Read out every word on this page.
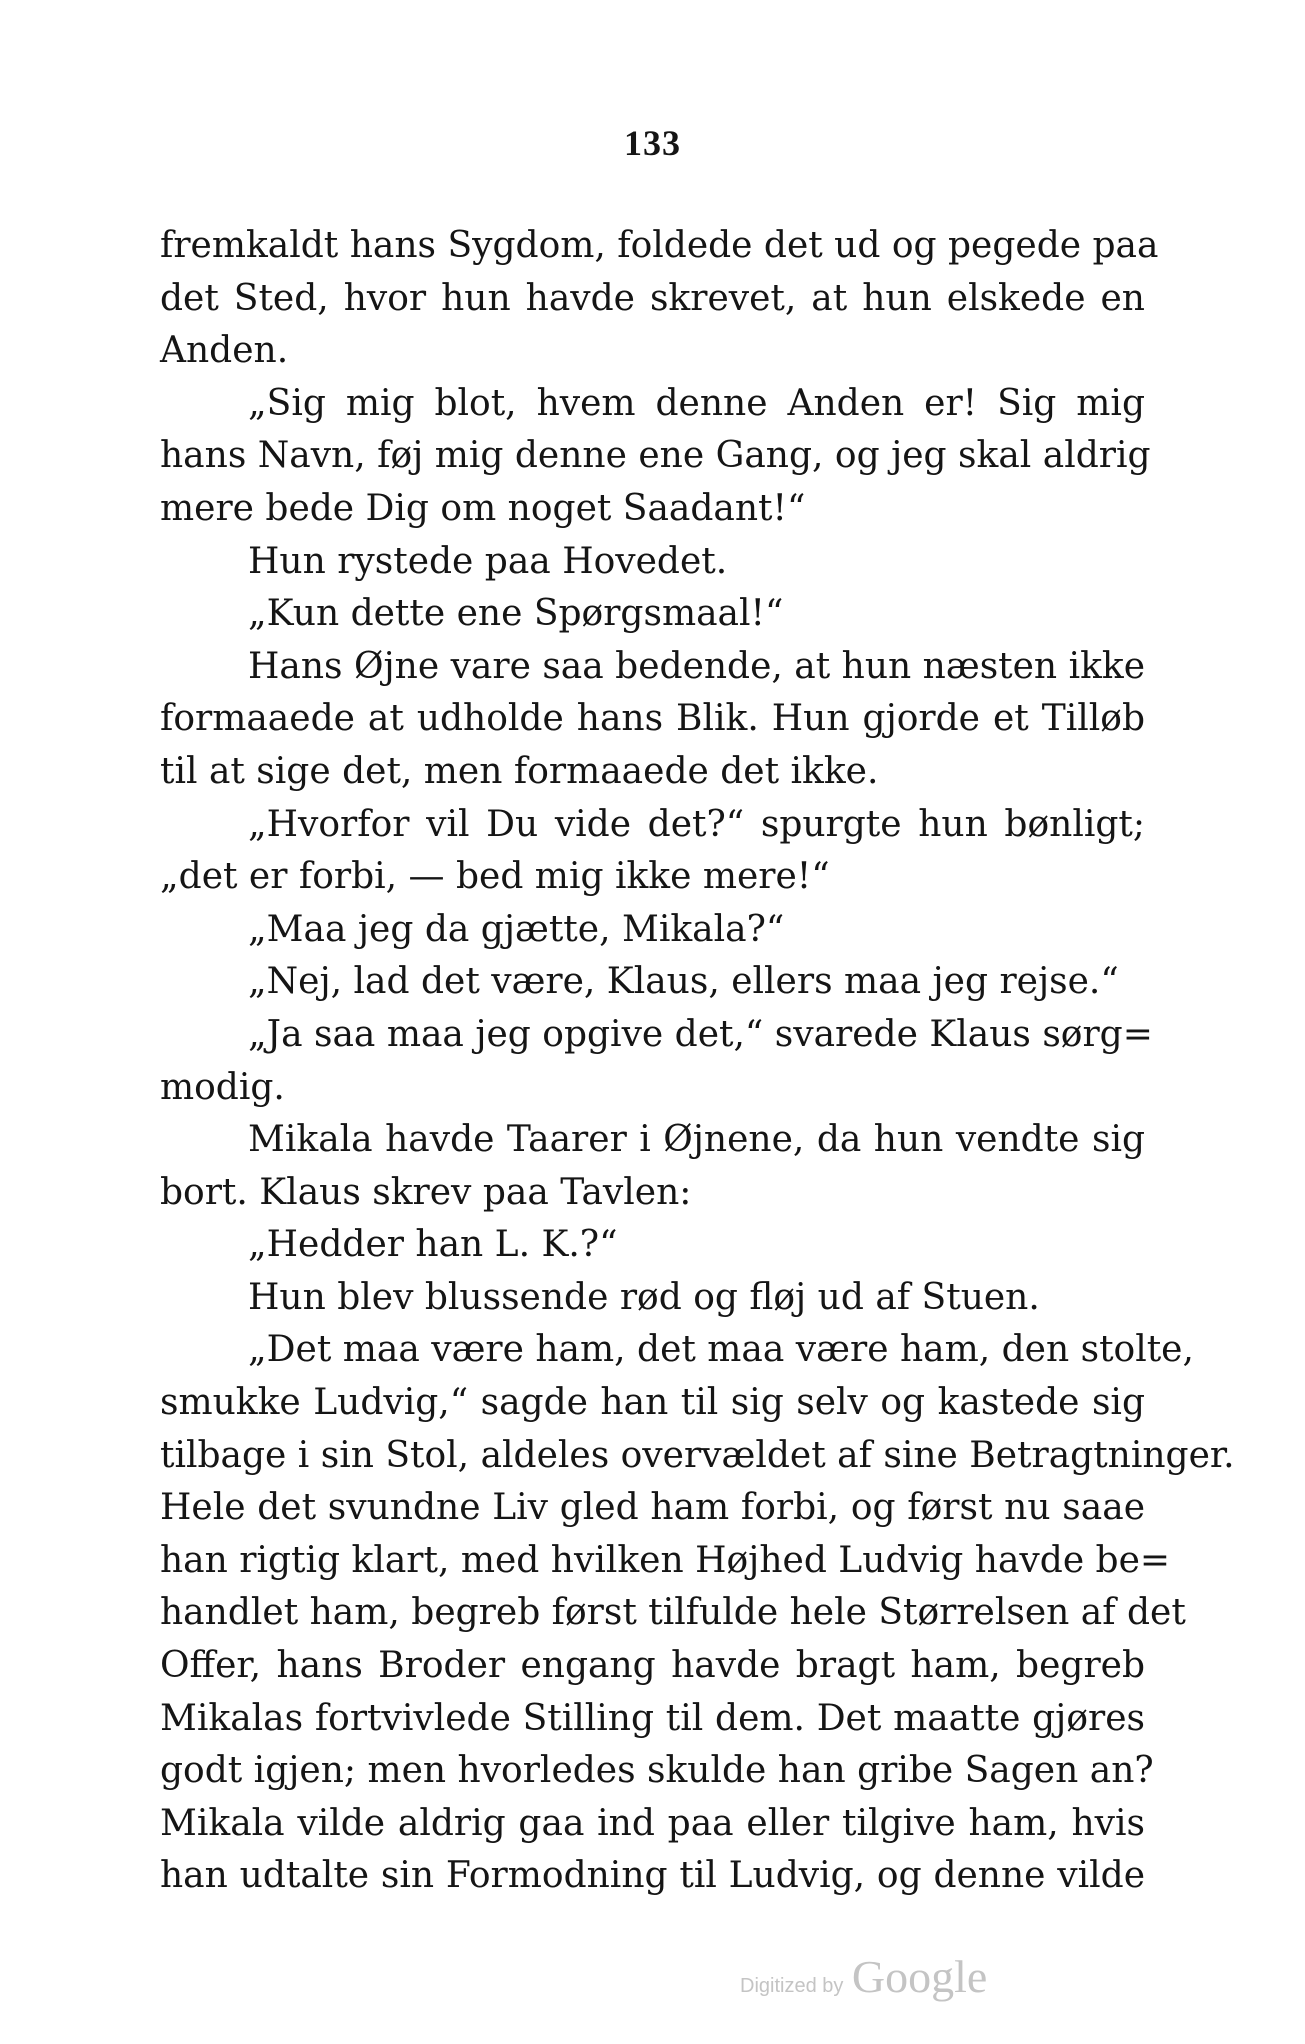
133
fremkaldt hans Sygdom, foldede det ud og pegede paa
det Sted, hvor hun havde skrevet, at hun elskede en
Anden.
„Sig mig blot, hvem denne Anden er! Sig mig
hans Navn, føj mig denne ene Gang, og jeg skal aldrig
mere bede Dig om noget Saadant!“
Hun rystede paa Hovedet.
„Kun dette ene Spørgsmaal!“
Hans Øjne vare saa bedende, at hun næsten ikke
formaaede at udholde hans Blik. Hun gjorde et Tilløb
til at sige det, men formaaede det ikke.
„Hvorfor vil Du vide det?“ spurgte hun bønligt;
„det er forbi, — bed mig ikke mere!“
„Maa jeg da gjætte, Mikala?“
„Nej, lad det være, Klaus, ellers maa jeg rejse.“
„Ja saa maa jeg opgive det,“ svarede Klaus sørg=
modig.
Mikala havde Taarer i Øjnene, da hun vendte sig
bort. Klaus skrev paa Tavlen:
„Hedder han L. K.?“
Hun blev blussende rød og fløj ud af Stuen.
„Det maa være ham, det maa være ham, den stolte,
smukke Ludvig,“ sagde han til sig selv og kastede sig
tilbage i sin Stol, aldeles overvældet af sine Betragtninger.
Hele det svundne Liv gled ham forbi, og først nu saae
han rigtig klart, med hvilken Højhed Ludvig havde be=
handlet ham, begreb først tilfulde hele Størrelsen af det
Offer, hans Broder engang havde bragt ham, begreb
Mikalas fortvivlede Stilling til dem. Det maatte gjøres
godt igjen; men hvorledes skulde han gribe Sagen an?
Mikala vilde aldrig gaa ind paa eller tilgive ham, hvis
han udtalte sin Formodning til Ludvig, og denne vilde
Digitized by Google
